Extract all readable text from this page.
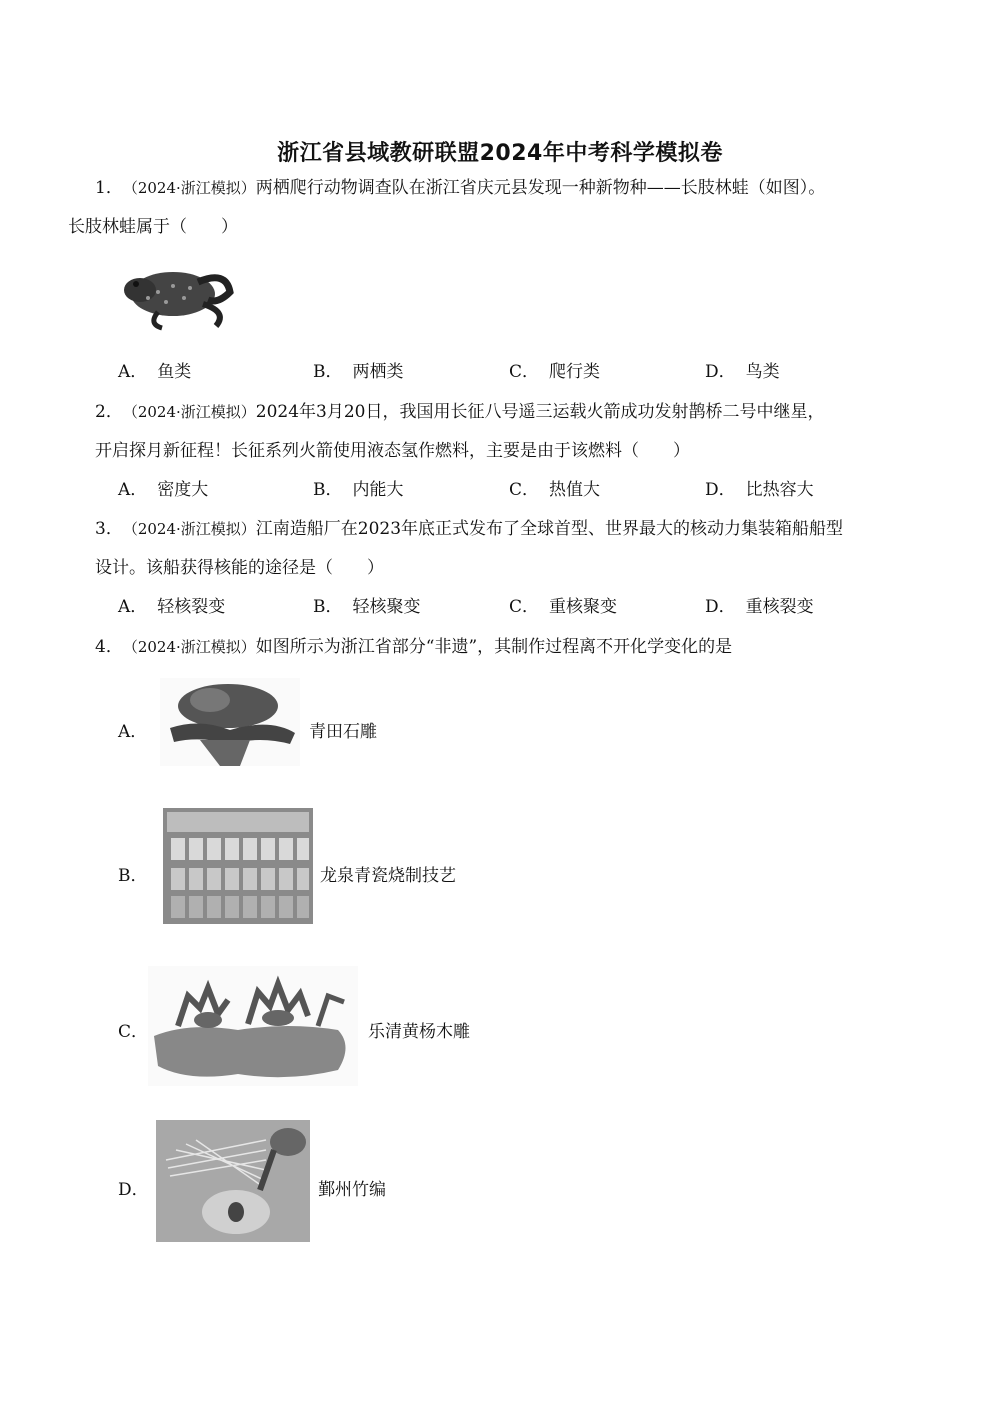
浙江省县域教研联盟2024年中考科学模拟卷
1．（2024·浙江模拟）两栖爬行动物调查队在浙江省庆元县发现一种新物种——长肢林蛙（如图）。
长肢林蛙属于（　　）
A． 鱼类	B． 两栖类	C． 爬行类	D． 鸟类
2．（2024·浙江模拟）2024年3月20日，我国用长征八号遥三运载火箭成功发射鹊桥二号中继星，
开启探月新征程！长征系列火箭使用液态氢作燃料，主要是由于该燃料（　　）
A． 密度大	B． 内能大	C． 热值大	D． 比热容大
3．（2024·浙江模拟）江南造船厂在2023年底正式发布了全球首型、世界最大的核动力集装箱船船型
设计。该船获得核能的途径是（　　）
A． 轻核裂变	B． 轻核聚变	C． 重核聚变	D． 重核裂变
4．（2024·浙江模拟）如图所示为浙江省部分“非遗”，其制作过程离不开化学变化的是
A．	青田石雕
B．	龙泉青瓷烧制技艺
C．	乐清黄杨木雕
D．	鄞州竹编
